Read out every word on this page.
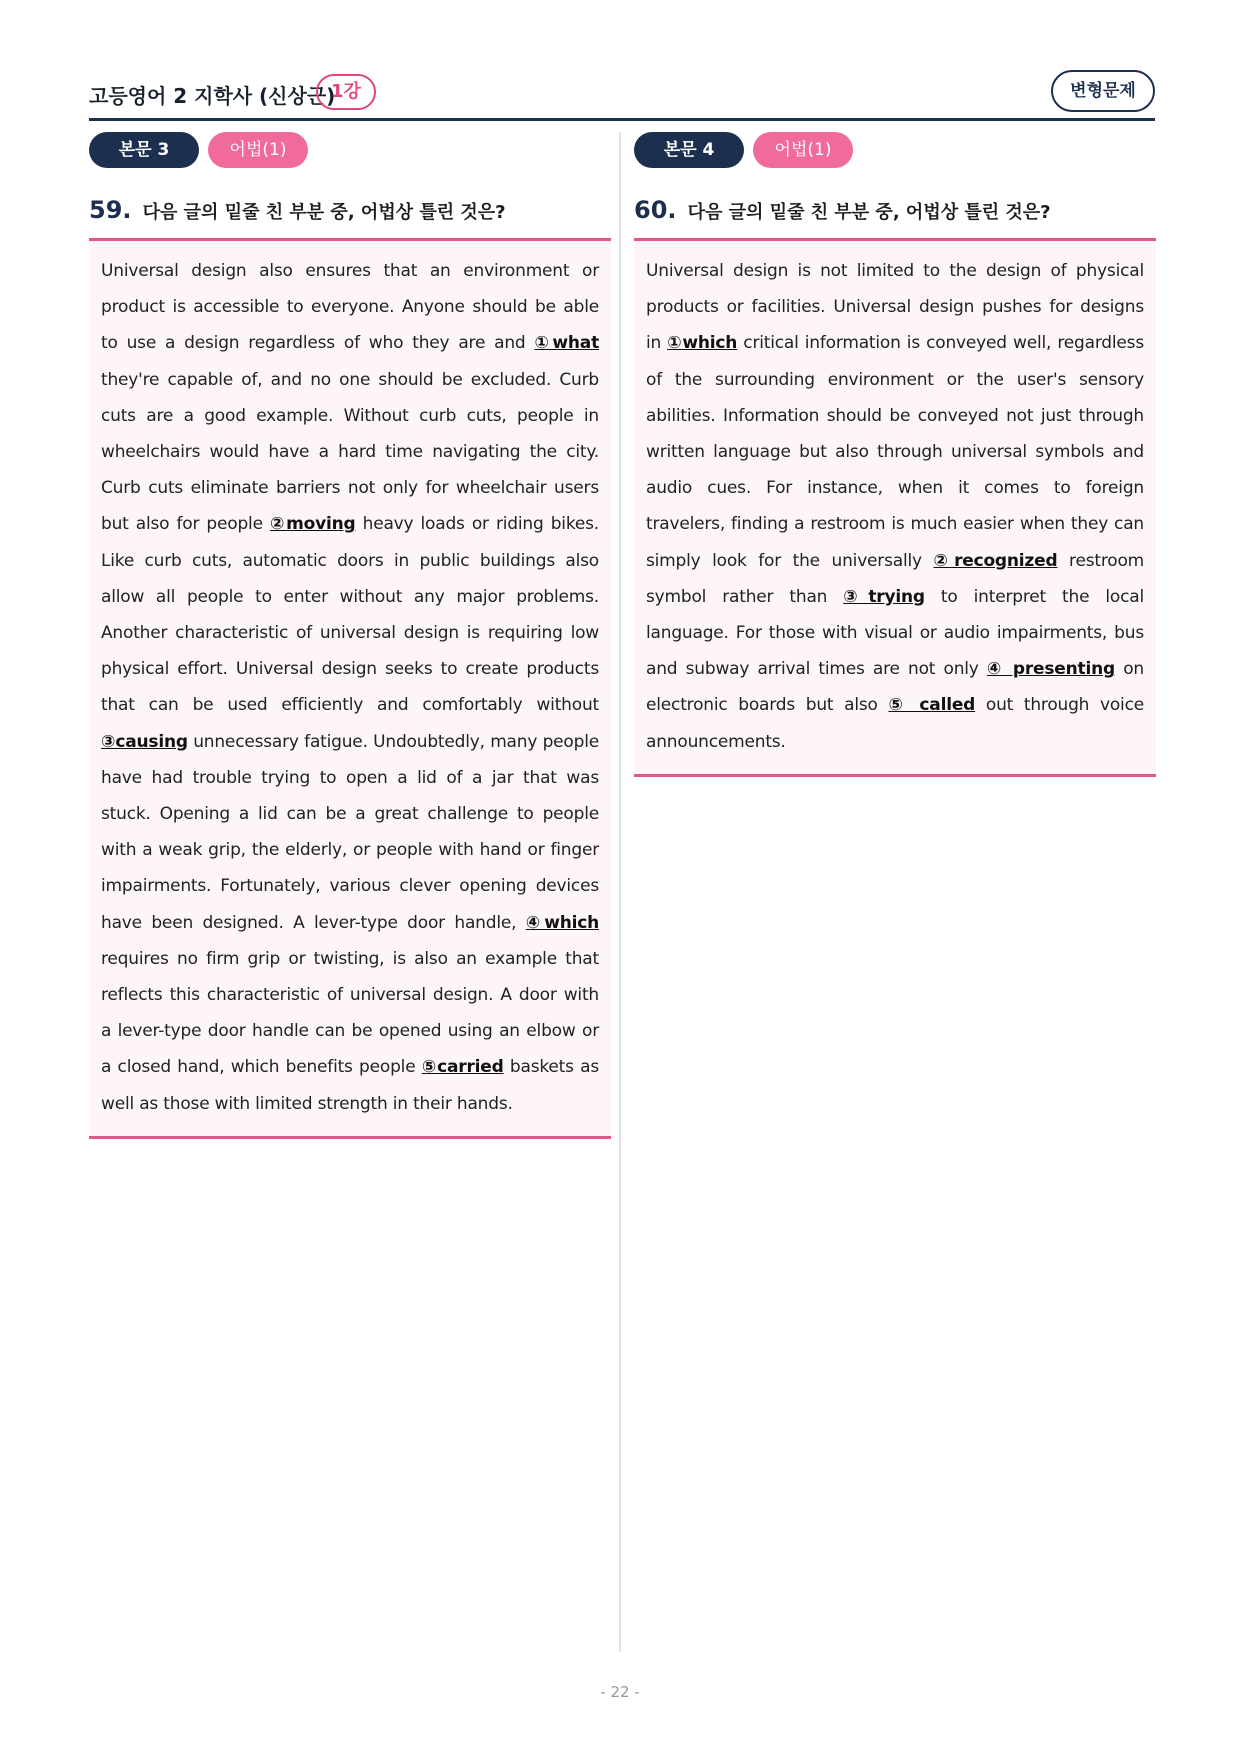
고등영어 2 지학사 (신상근)
1강	변형문제
본문 3	어법(1)
59. 다음 글의 밑줄 친 부분 중, 어법상 틀린 것은?
Universal design also ensures that an environment or product is accessible to everyone. Anyone should be able to use a design regardless of who they are and ①what they're capable of, and no one should be excluded. Curb cuts are a good example. Without curb cuts, people in wheelchairs would have a hard time navigating the city. Curb cuts eliminate barriers not only for wheelchair users but also for people ②moving heavy loads or riding bikes. Like curb cuts, automatic doors in public buildings also allow all people to enter without any major problems. Another characteristic of universal design is requiring low physical effort. Universal design seeks to create products that can be used efficiently and comfortably without ③causing unnecessary fatigue. Undoubtedly, many people have had trouble trying to open a lid of a jar that was stuck. Opening a lid can be a great challenge to people with a weak grip, the elderly, or people with hand or finger impairments. Fortunately, various clever opening devices have been designed. A lever-type door handle, ④which requires no firm grip or twisting, is also an example that reflects this characteristic of universal design. A door with a lever-type door handle can be opened using an elbow or a closed hand, which benefits people ⑤carried baskets as well as those with limited strength in their hands.
본문 4	어법(1)
60. 다음 글의 밑줄 친 부분 중, 어법상 틀린 것은?
Universal design is not limited to the design of physical products or facilities. Universal design pushes for designs in ①which critical information is conveyed well, regardless of the surrounding environment or the user's sensory abilities. Information should be conveyed not just through written language but also through universal symbols and audio cues. For instance, when it comes to foreign travelers, finding a restroom is much easier when they can simply look for the universally ②recognized restroom symbol rather than ③trying to interpret the local language. For those with visual or audio impairments, bus and subway arrival times are not only ④ presenting on electronic boards but also ⑤ called out through voice announcements.
- 22 -
